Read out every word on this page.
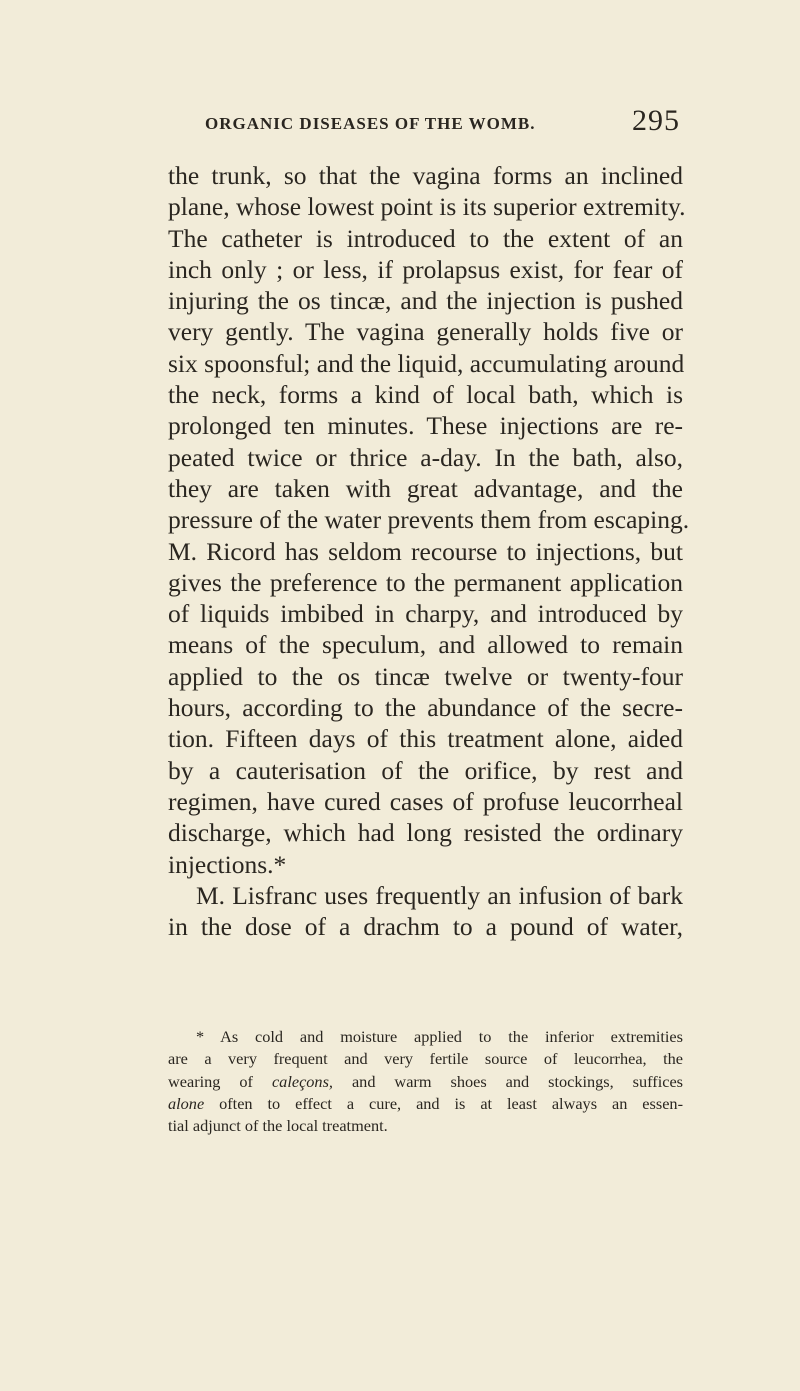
ORGANIC DISEASES OF THE WOMB.	295
the trunk, so that the vagina forms an inclined
plane, whose lowest point is its superior extremity.
The catheter is introduced to the extent of an
inch only ; or less, if prolapsus exist, for fear of
injuring the os tincæ, and the injection is pushed
very gently. The vagina generally holds five or
six spoonsful; and the liquid, accumulating around
the neck, forms a kind of local bath, which is
prolonged ten minutes. These injections are re-
peated twice or thrice a-day. In the bath, also,
they are taken with great advantage, and the
pressure of the water prevents them from escaping.
M. Ricord has seldom recourse to injections, but
gives the preference to the permanent application
of liquids imbibed in charpy, and introduced by
means of the speculum, and allowed to remain
applied to the os tincæ twelve or twenty-four
hours, according to the abundance of the secre-
tion. Fifteen days of this treatment alone, aided
by a cauterisation of the orifice, by rest and
regimen, have cured cases of profuse leucorrheal
discharge, which had long resisted the ordinary
injections.*
M. Lisfranc uses frequently an infusion of bark
in the dose of a drachm to a pound of water,
* As cold and moisture applied to the inferior extremities
are a very frequent and very fertile source of leucorrhea, the
wearing of caleçons, and warm shoes and stockings, suffices
alone often to effect a cure, and is at least always an essen-
tial adjunct of the local treatment.
